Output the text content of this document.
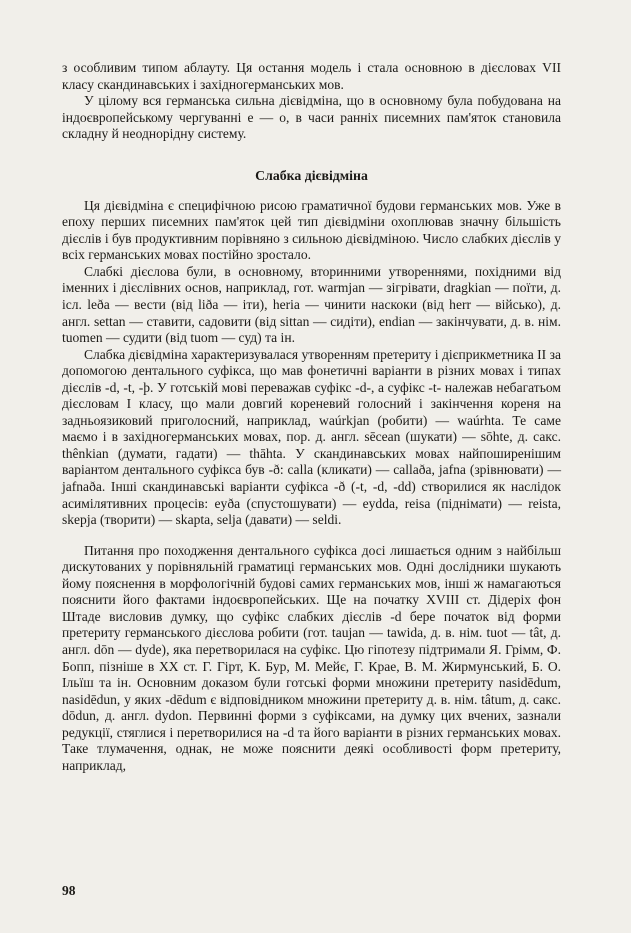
з особливим типом аблауту. Ця остання модель і стала основною в дієсловах VII класу скандинавських і західногерманських мов.

У цілому вся германська сильна дієвідміна, що в основному була побудована на індоєвропейському чергуванні е — о, в часи ранніх писемних пам'яток становила складну й неоднорідну систему.

Слабка дієвідміна

Ця дієвідміна є специфічною рисою граматичної будови германських мов. Уже в епоху перших писемних пам'яток цей тип дієвідміни охоплював значну більшість дієслів і був продуктивним порівняно з сильною дієвідміною. Число слабких дієслів у всіх германських мовах постійно зростало.

Слабкі дієслова були, в основному, вторинними утвореннями, похідними від іменних і дієслівних основ, наприклад, гот. warmjan — зігрівати, dragkian — поїти, д. ісл. leða — вести (від liða — іти), heria — чинити наскоки (від herr — військо), д. англ. settan — ставити, садовити (від sittan — сидіти), endian — закінчувати, д. в. нім. tuomen — судити (від tuom — суд) та ін.

Слабка дієвідміна характеризувалася утворенням претериту і дієприкметника II за допомогою дентального суфікса, що мав фонетичні варіанти в різних мовах і типах дієслів -d, -t, -þ. У готській мові переважав суфікс -d-, а суфікс -t- належав небагатьом дієсловам I класу, що мали довгий кореневий голосний і закінчення кореня на задньоязиковий приголосний, наприклад, waúrkjan (робити) — waúrhta. Те саме маємо і в західногерманських мовах, пор. д. англ. sēcean (шукати) — sōhte, д. сакс. thênkian (думати, гадати) — thāhta. У скандинавських мовах найпоширенішим варіантом дентального суфікса був -ð: calla (кликати) — callaða, jafna (зрівнювати) — jafnaða. Інші скандинавські варіанти суфікса -ð (-t, -d, -dd) створилися як наслідок асимілятивних процесів: eyða (спустошувати) — eydda, reisa (піднімати) — reista, skepja (творити) — skapta, selja (давати) — seldi.

Питання про походження дентального суфікса досі лишається одним з найбільш дискутованих у порівняльній граматиці германських мов. Одні дослідники шукають йому пояснення в морфологічній будові самих германських мов, інші ж намагаються пояснити його фактами індоєвропейських. Ще на початку XVIII ст. Дідеріх фон Штаде висловив думку, що суфікс слабких дієслів -d бере початок від форми претериту германського дієслова робити (гот. taujan — tawida, д. в. нім. tuot — tât, д. англ. dōn — dyde), яка перетворилася на суфікс. Цю гіпотезу підтримали Я. Грімм, Ф. Бопп, пізніше в XX ст. Г. Гірт, К. Бур, М. Мейє, Г. Крае, В. М. Жирмунський, Б. О. Ільїш та ін. Основним доказом були готські форми множини претериту nasidēdum, nasidēdun, у яких -dēdum є відповідником множини претериту д. в. нім. tâtum, д. сакс. dōdun, д. англ. dydon. Первинні форми з суфіксами, на думку цих вчених, зазнали редукції, стяглися і перетворилися на -d та його варіанти в різних германських мовах. Таке тлумачення, однак, не може пояснити деякі особливості форм претериту, наприклад,

98
